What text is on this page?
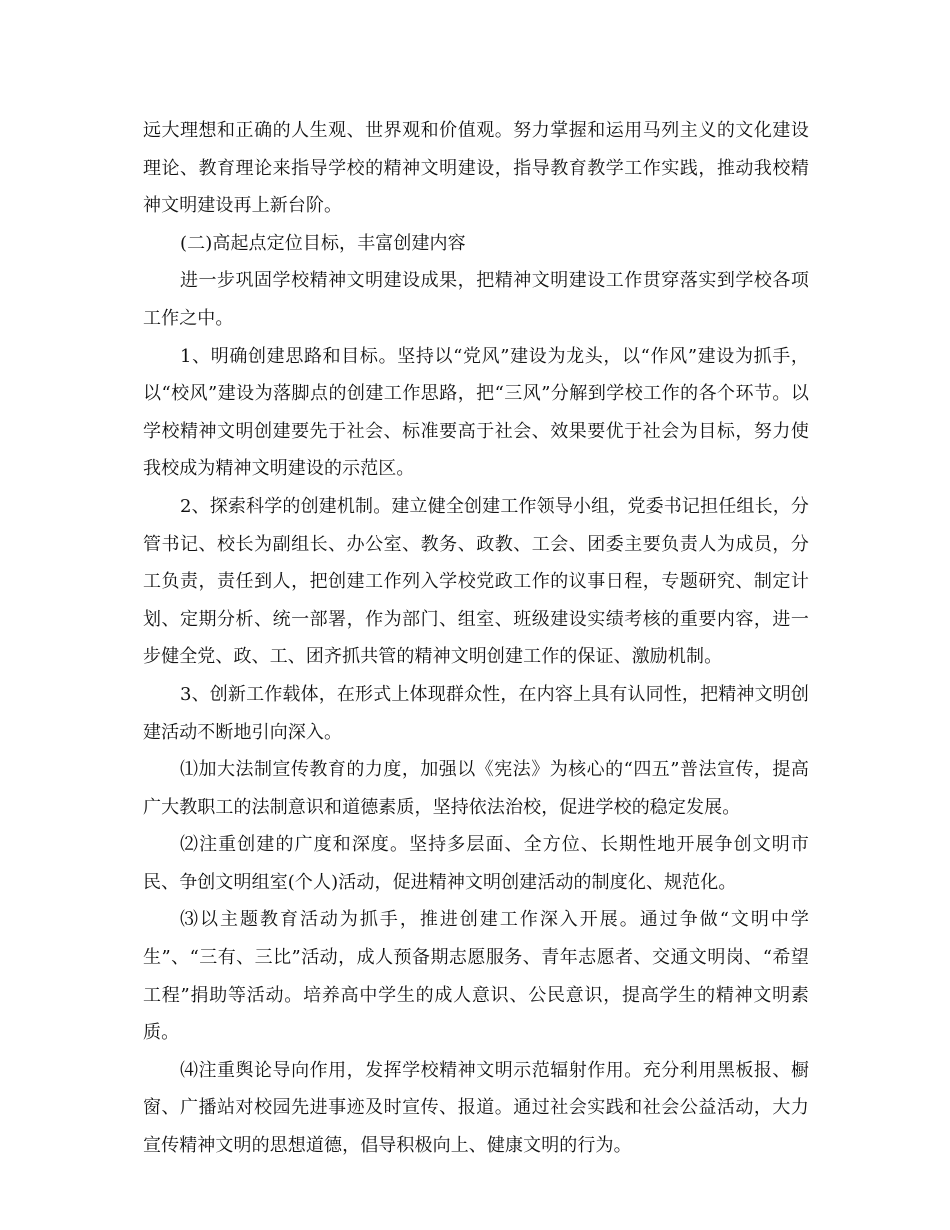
远大理想和正确的人生观、世界观和价值观。努力掌握和运用马列主义的文化建设理论、教育理论来指导学校的精神文明建设，指导教育教学工作实践，推动我校精神文明建设再上新台阶。

(二)高起点定位目标，丰富创建内容

进一步巩固学校精神文明建设成果，把精神文明建设工作贯穿落实到学校各项工作之中。

1、明确创建思路和目标。坚持以“党风”建设为龙头，以“作风”建设为抓手，以“校风”建设为落脚点的创建工作思路，把“三风”分解到学校工作的各个环节。以学校精神文明创建要先于社会、标准要高于社会、效果要优于社会为目标，努力使我校成为精神文明建设的示范区。

2、探索科学的创建机制。建立健全创建工作领导小组，党委书记担任组长，分管书记、校长为副组长、办公室、教务、政教、工会、团委主要负责人为成员，分工负责，责任到人，把创建工作列入学校党政工作的议事日程，专题研究、制定计划、定期分析、统一部署，作为部门、组室、班级建设实绩考核的重要内容，进一步健全党、政、工、团齐抓共管的精神文明创建工作的保证、激励机制。

3、创新工作载体，在形式上体现群众性，在内容上具有认同性，把精神文明创建活动不断地引向深入。

⑴加大法制宣传教育的力度，加强以《宪法》为核心的“四五”普法宣传，提高广大教职工的法制意识和道德素质，坚持依法治校，促进学校的稳定发展。

⑵注重创建的广度和深度。坚持多层面、全方位、长期性地开展争创文明市民、争创文明组室(个人)活动，促进精神文明创建活动的制度化、规范化。

⑶以主题教育活动为抓手，推进创建工作深入开展。通过争做“文明中学生”、“三有、三比”活动，成人预备期志愿服务、青年志愿者、交通文明岗、“希望工程”捐助等活动。培养高中学生的成人意识、公民意识，提高学生的精神文明素质。

⑷注重舆论导向作用，发挥学校精神文明示范辐射作用。充分利用黑板报、橱窗、广播站对校园先进事迹及时宣传、报道。通过社会实践和社会公益活动，大力宣传精神文明的思想道德，倡导积极向上、健康文明的行为。
